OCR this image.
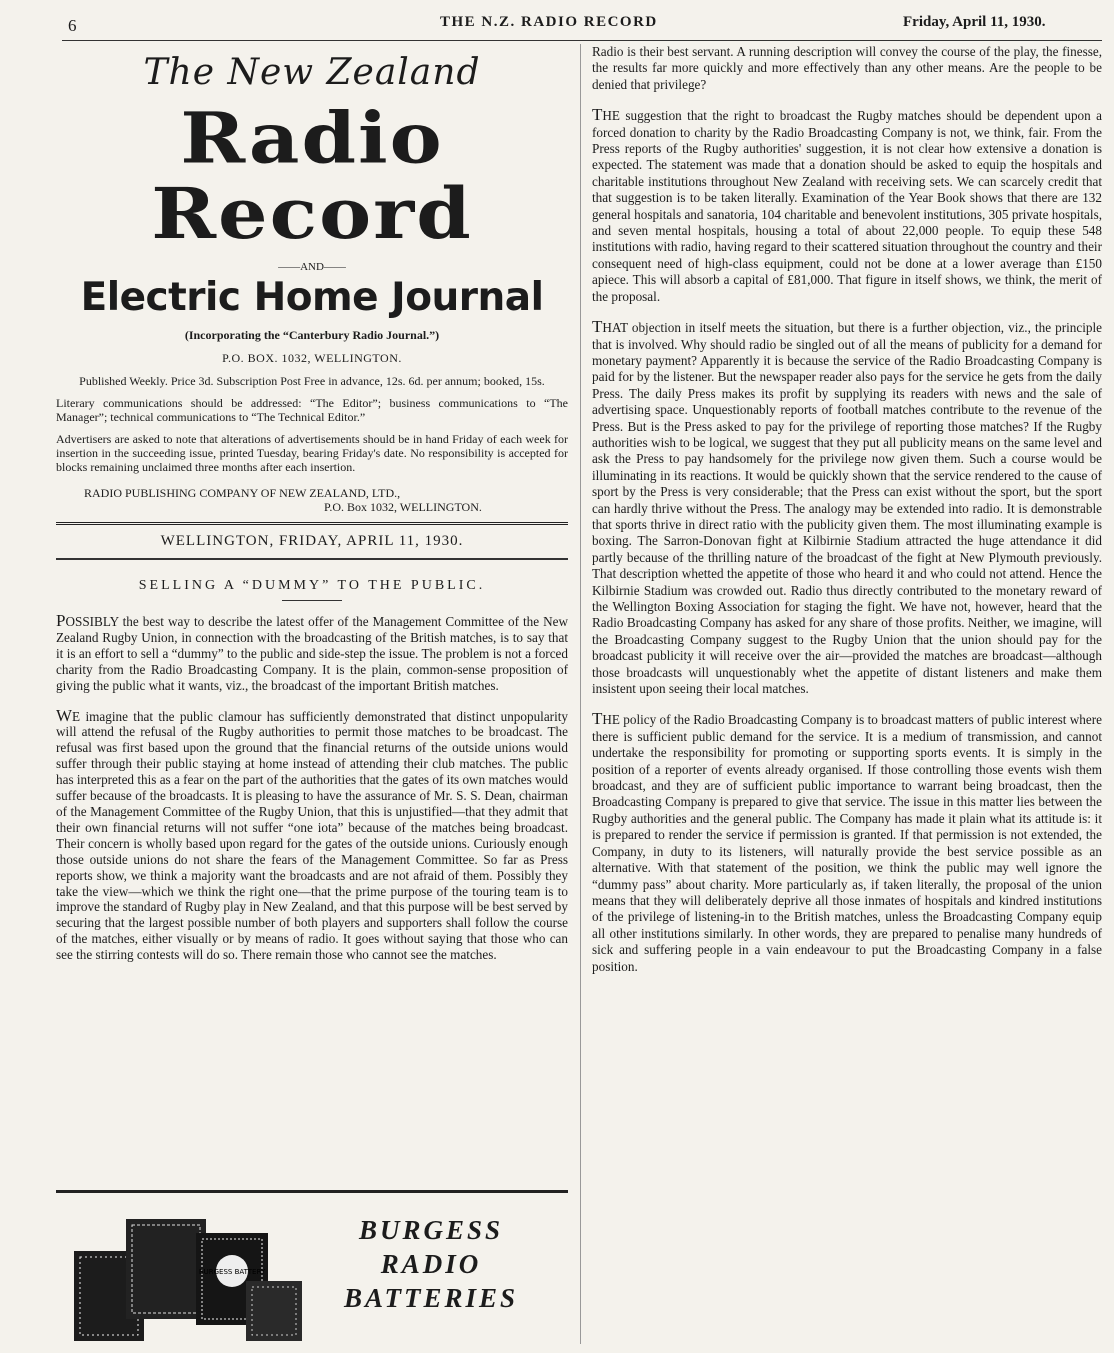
6	THE N.Z. RADIO RECORD	Friday, April 11, 1930.
The New Zealand
Radio Record
——AND——
Electric Home Journal
(Incorporating the “Canterbury Radio Journal.”)
P.O. BOX. 1032, WELLINGTON.

Published Weekly. Price 3d. Subscription Post Free in advance, 12s. 6d. per annum; booked, 15s.

Literary communications should be addressed: “The Editor”; business communications to “The Manager”; technical communications to “The Technical Editor.”

Advertisers are asked to note that alterations of advertisements should be in hand Friday of each week for insertion in the succeeding issue, printed Tuesday, bearing Friday's date. No responsibility is accepted for blocks remaining unclaimed three months after each insertion.

RADIO PUBLISHING COMPANY OF NEW ZEALAND, LTD.,
P.O. Box 1032, WELLINGTON.
WELLINGTON, FRIDAY, APRIL 11, 1930.
SELLING A “DUMMY” TO THE PUBLIC.

POSSIBLY the best way to describe the latest offer of the Management Committee of the New Zealand Rugby Union, in connection with the broadcasting of the British matches, is to say that it is an effort to sell a “dummy” to the public and side-step the issue. The problem is not a forced charity from the Radio Broadcasting Company. It is the plain, common-sense proposition of giving the public what it wants, viz., the broadcast of the important British matches.

WE imagine that the public clamour has sufficiently demonstrated that distinct unpopularity will attend the refusal of the Rugby authorities to permit those matches to be broadcast. The refusal was first based upon the ground that the financial returns of the outside unions would suffer through their public staying at home instead of attending their club matches. The public has interpreted this as a fear on the part of the authorities that the gates of its own matches would suffer because of the broadcasts. It is pleasing to have the assurance of Mr. S. S. Dean, chairman of the Management Committee of the Rugby Union, that this is unjustified—that they admit that their own financial returns will not suffer “one iota” because of the matches being broadcast. Their concern is wholly based upon regard for the gates of the outside unions. Curiously enough those outside unions do not share the fears of the Management Committee. So far as Press reports show, we think a majority want the broadcasts and are not afraid of them. Possibly they take the view—which we think the right one—that the prime purpose of the touring team is to improve the standard of Rugby play in New Zealand, and that this purpose will be best served by securing that the largest possible number of both players and supporters shall follow the course of the matches, either visually or by means of radio. It goes without saying that those who can see the stirring contests will do so. There remain those who cannot see the matches.

BURGESS BATTERY
BURGESS
RADIO
BATTERIES

Radio is their best servant. A running description will convey the course of the play, the finesse, the results far more quickly and more effectively than any other means. Are the people to be denied that privilege?

THE suggestion that the right to broadcast the Rugby matches should be dependent upon a forced donation to charity by the Radio Broadcasting Company is not, we think, fair. From the Press reports of the Rugby authorities' suggestion, it is not clear how extensive a donation is expected. The statement was made that a donation should be asked to equip the hospitals and charitable institutions throughout New Zealand with receiving sets. We can scarcely credit that that suggestion is to be taken literally. Examination of the Year Book shows that there are 132 general hospitals and sanatoria, 104 charitable and benevolent institutions, 305 private hospitals, and seven mental hospitals, housing a total of about 22,000 people. To equip these 548 institutions with radio, having regard to their scattered situation throughout the country and their consequent need of high-class equipment, could not be done at a lower average than £150 apiece. This will absorb a capital of £81,000. That figure in itself shows, we think, the merit of the proposal.

THAT objection in itself meets the situation, but there is a further objection, viz., the principle that is involved. Why should radio be singled out of all the means of publicity for a demand for monetary payment? Apparently it is because the service of the Radio Broadcasting Company is paid for by the listener. But the newspaper reader also pays for the service he gets from the daily Press. The daily Press makes its profit by supplying its readers with news and the sale of advertising space. Unquestionably reports of football matches contribute to the revenue of the Press. But is the Press asked to pay for the privilege of reporting those matches? If the Rugby authorities wish to be logical, we suggest that they put all publicity means on the same level and ask the Press to pay handsomely for the privilege now given them. Such a course would be illuminating in its reactions. It would be quickly shown that the service rendered to the cause of sport by the Press is very considerable; that the Press can exist without the sport, but the sport can hardly thrive without the Press. The analogy may be extended into radio. It is demonstrable that sports thrive in direct ratio with the publicity given them. The most illuminating example is boxing. The Sarron-Donovan fight at Kilbirnie Stadium attracted the huge attendance it did partly because of the thrilling nature of the broadcast of the fight at New Plymouth previously. That description whetted the appetite of those who heard it and who could not attend. Hence the Kilbirnie Stadium was crowded out. Radio thus directly contributed to the monetary reward of the Wellington Boxing Association for staging the fight. We have not, however, heard that the Radio Broadcasting Company has asked for any share of those profits. Neither, we imagine, will the Broadcasting Company suggest to the Rugby Union that the union should pay for the broadcast publicity it will receive over the air—provided the matches are broadcast—although those broadcasts will unquestionably whet the appetite of distant listeners and make them insistent upon seeing their local matches.

THE policy of the Radio Broadcasting Company is to broadcast matters of public interest where there is sufficient public demand for the service. It is a medium of transmission, and cannot undertake the responsibility for promoting or supporting sports events. It is simply in the position of a reporter of events already organised. If those controlling those events wish them broadcast, and they are of sufficient public importance to warrant being broadcast, then the Broadcasting Company is prepared to give that service. The issue in this matter lies between the Rugby authorities and the general public. The Company has made it plain what its attitude is: it is prepared to render the service if permission is granted. If that permission is not extended, the Company, in duty to its listeners, will naturally provide the best service possible as an alternative. With that statement of the position, we think the public may well ignore the “dummy pass” about charity. More particularly as, if taken literally, the proposal of the union means that they will deliberately deprive all those inmates of hospitals and kindred institutions of the privilege of listening-in to the British matches, unless the Broadcasting Company equip all other institutions similarly. In other words, they are prepared to penalise many hundreds of sick and suffering people in a vain endeavour to put the Broadcasting Company in a false position.
